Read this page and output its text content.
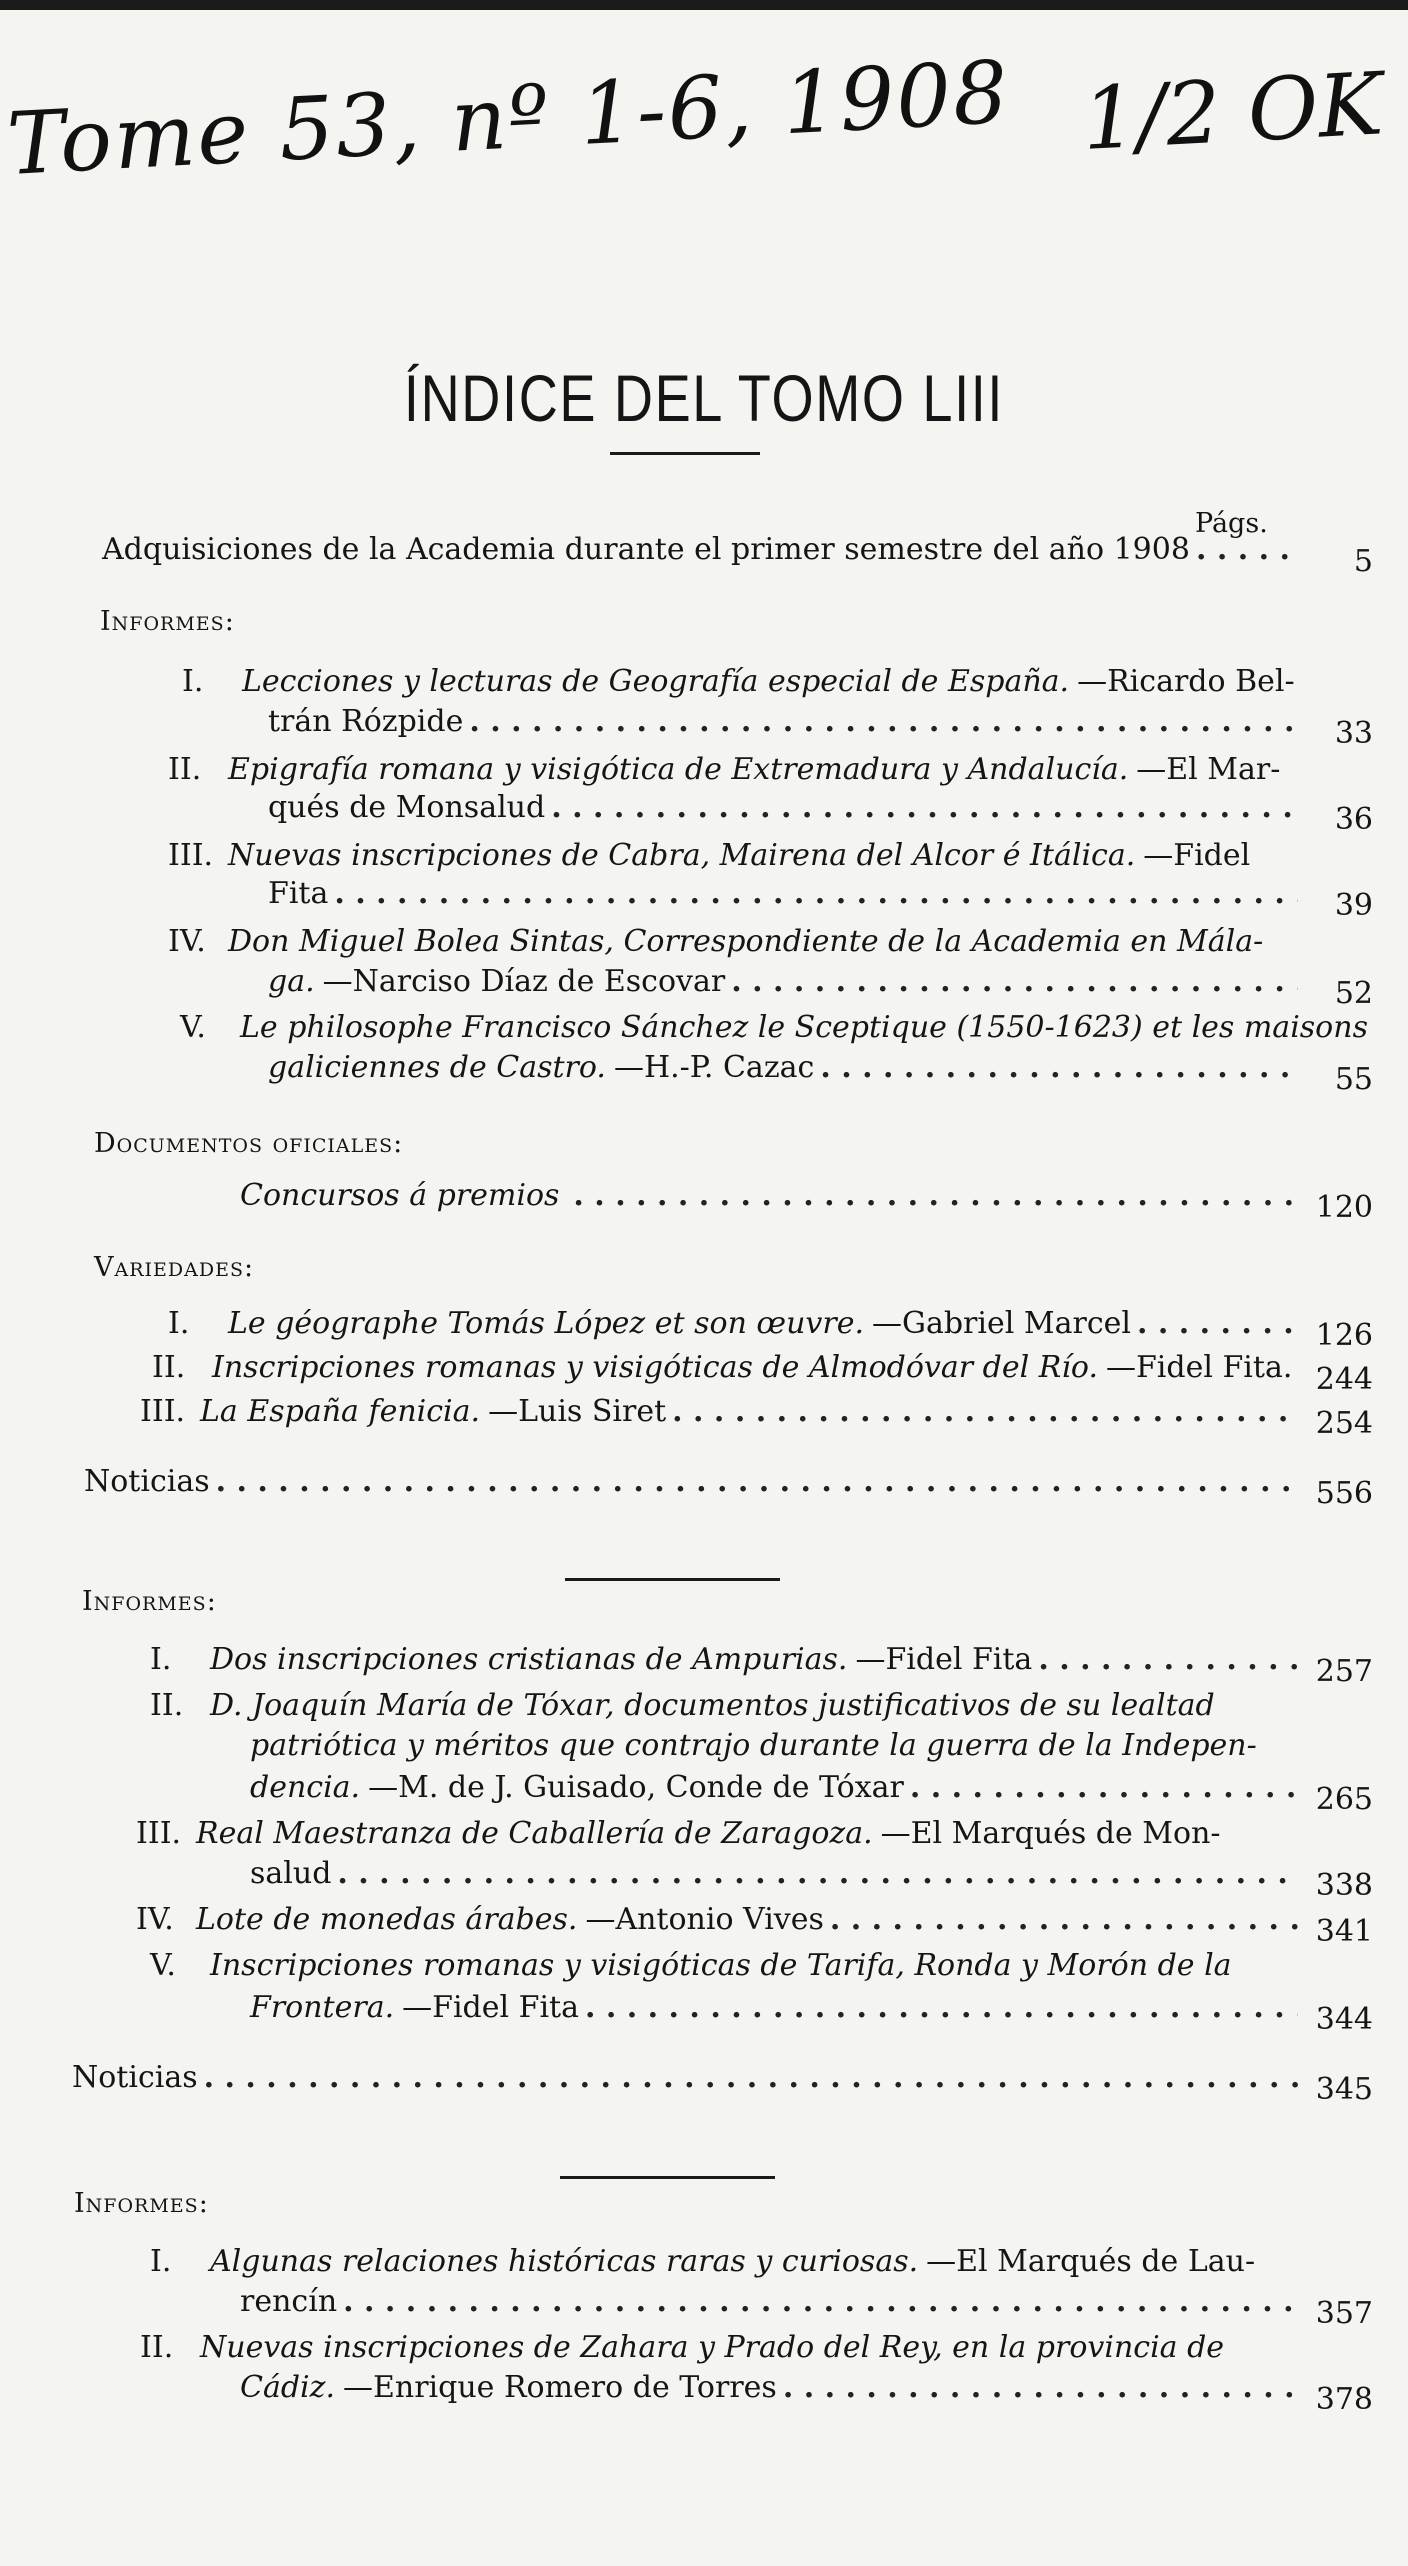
Tome 53, nº 1-6, 1908 1/2 OK
ÍNDICE DEL TOMO LIII
Págs.
Adquisiciones de la Academia durante el primer semestre del año 1908 . . .	5
Informes:
I.	Lecciones y lecturas de Geografía especial de España. —Ricardo Bel-
trán Rózpide . . .	33
II. Epigrafía romana y visigótica de Extremadura y Andalucía. —El Mar-
qués de Monsalud . . .	36
III. Nuevas inscripciones de Cabra, Mairena del Alcor é Itálica. —Fidel
Fita . . .	39
IV. Don Miguel Bolea Sintas, Correspondiente de la Academia en Mála-
ga. —Narciso Díaz de Escovar . . .	52
V.	Le philosophe Francisco Sánchez le Sceptique (1550-1623) et les maisons
galiciennes de Castro. —H.-P. Cazac . . .	55
Documentos oficiales:
Concursos á premios . . .	120
Variedades:
I.	Le géographe Tomás López et son œuvre. —Gabriel Marcel . . .	126
II. Inscripciones romanas y visigóticas de Almodóvar del Río. —Fidel Fita. 244
III. La España fenicia. —Luis Siret . . .	254
Noticias . . .	556
Informes:
I.	Dos inscripciones cristianas de Ampurias. —Fidel Fita . . .	257
II. D. Joaquín María de Tóxar, documentos justificativos de su lealtad
patriótica y méritos que contrajo durante la guerra de la Indepen-
dencia. —M. de J. Guisado, Conde de Tóxar . . .	265
III. Real Maestranza de Caballería de Zaragoza. —El Marqués de Mon-
salud . . .	338
IV. Lote de monedas árabes. —Antonio Vives . . .	341
V.	Inscripciones romanas y visigóticas de Tarifa, Ronda y Morón de la
Frontera. —Fidel Fita . . .	344
Noticias . . .	345
Informes:
I.	Algunas relaciones históricas raras y curiosas. —El Marqués de Lau-
rencín . . .	357
II. Nuevas inscripciones de Zahara y Prado del Rey, en la provincia de
Cádiz. —Enrique Romero de Torres . . .	378
